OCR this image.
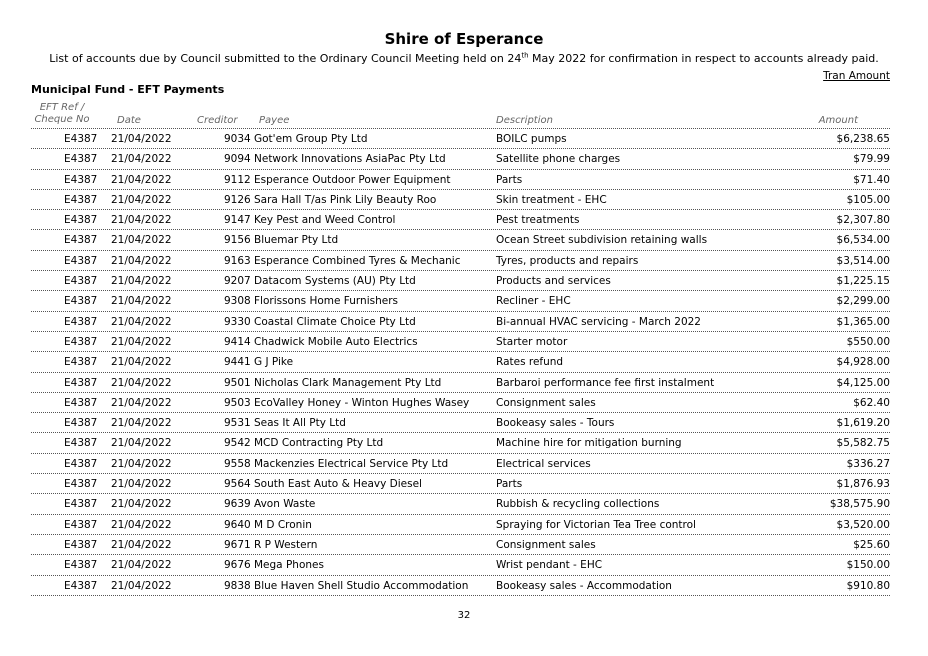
Shire of Esperance
List of accounts due by Council submitted to the Ordinary Council Meeting held on 24th May 2022 for confirmation in respect to accounts already paid.
Tran Amount
Municipal Fund - EFT Payments
EFT Ref /
Cheque No	Date	Creditor Payee	Description	Amount
E4387 21/04/2022	9034 Got'em Group Pty Ltd	BOILC pumps	$6,238.65
E4387 21/04/2022	9094 Network Innovations AsiaPac Pty Ltd	Satellite phone charges	$79.99
E4387 21/04/2022	9112 Esperance Outdoor Power Equipment	Parts	$71.40
E4387 21/04/2022	9126 Sara Hall T/as Pink Lily Beauty Roo	Skin treatment - EHC	$105.00
E4387 21/04/2022	9147 Key Pest and Weed Control	Pest treatments	$2,307.80
E4387 21/04/2022	9156 Bluemar Pty Ltd	Ocean Street subdivision retaining walls	$6,534.00
E4387 21/04/2022	9163 Esperance Combined Tyres & Mechanic	Tyres, products and repairs	$3,514.00
E4387 21/04/2022	9207 Datacom Systems (AU) Pty Ltd	Products and services	$1,225.15
E4387 21/04/2022	9308 Florissons Home Furnishers	Recliner - EHC	$2,299.00
E4387 21/04/2022	9330 Coastal Climate Choice Pty Ltd	Bi-annual HVAC servicing - March 2022	$1,365.00
E4387 21/04/2022	9414 Chadwick Mobile Auto Electrics	Starter motor	$550.00
E4387 21/04/2022	9441 G J Pike	Rates refund	$4,928.00
E4387 21/04/2022	9501 Nicholas Clark Management Pty Ltd	Barbaroi performance fee first instalment	$4,125.00
E4387 21/04/2022	9503 EcoValley Honey - Winton Hughes Wasey	Consignment sales	$62.40
E4387 21/04/2022	9531 Seas It All Pty Ltd	Bookeasy sales - Tours	$1,619.20
E4387 21/04/2022	9542 MCD Contracting Pty Ltd	Machine hire for mitigation burning	$5,582.75
E4387 21/04/2022	9558 Mackenzies Electrical Service Pty Ltd	Electrical services	$336.27
E4387 21/04/2022	9564 South East Auto & Heavy Diesel	Parts	$1,876.93
E4387 21/04/2022	9639 Avon Waste	Rubbish & recycling collections	$38,575.90
E4387 21/04/2022	9640 M D Cronin	Spraying for Victorian Tea Tree control	$3,520.00
E4387 21/04/2022	9671 R P Western	Consignment sales	$25.60
E4387 21/04/2022	9676 Mega Phones	Wrist pendant - EHC	$150.00
E4387 21/04/2022	9838 Blue Haven Shell Studio Accommodation	Bookeasy sales - Accommodation	$910.80
32
